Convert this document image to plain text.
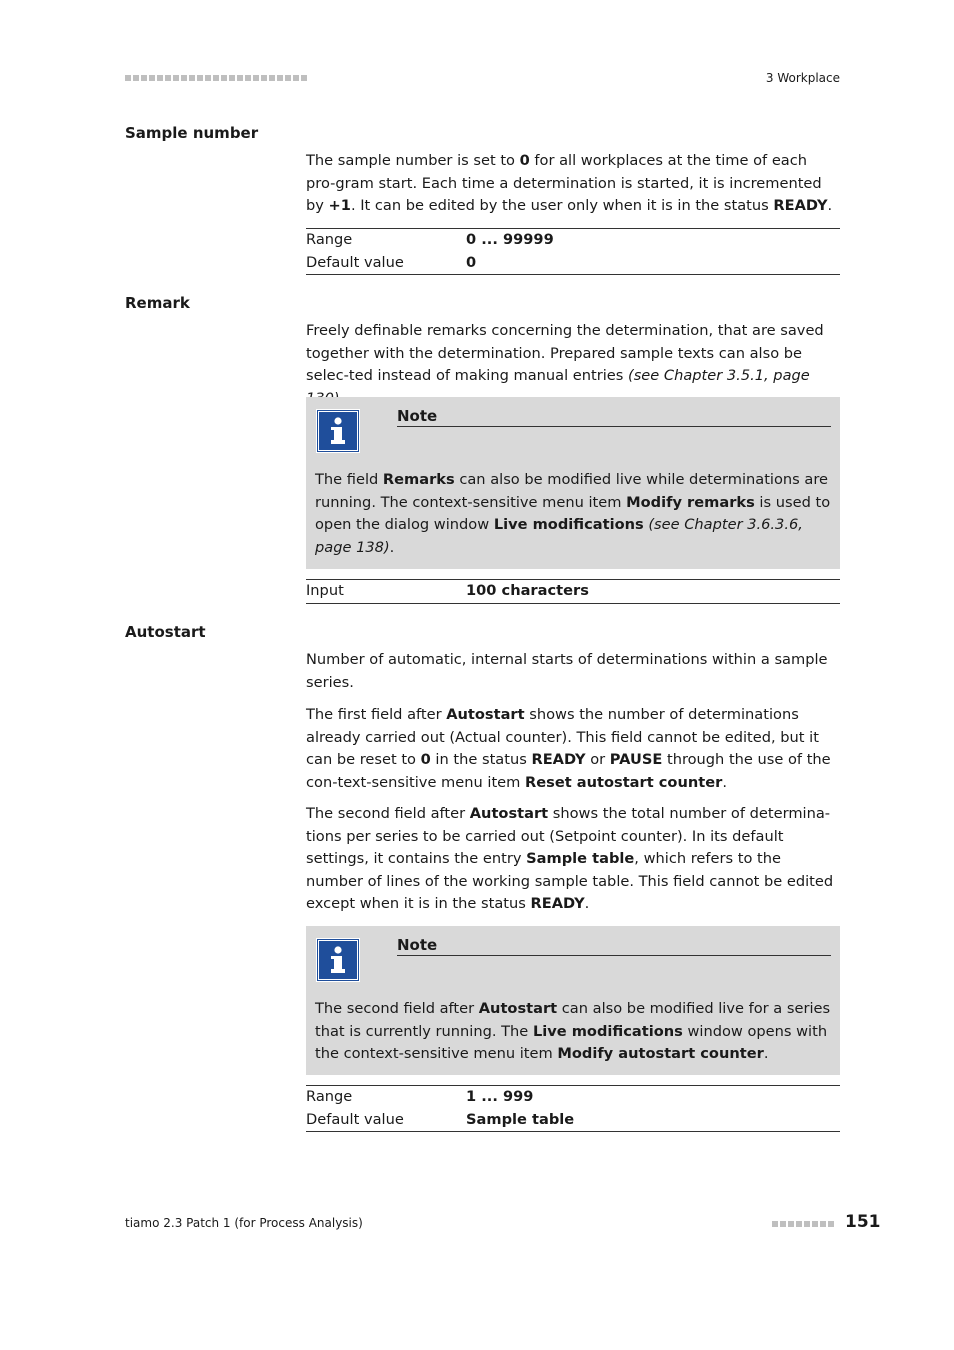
3 Workplace
Sample number

The sample number is set to 0 for all workplaces at the time of each pro-gram start. Each time a determination is started, it is incremented by +1. It can be edited by the user only when it is in the status READY.

Range	0 ... 99999
Default value	0
Remark

Freely definable remarks concerning the determination, that are saved together with the determination. Prepared sample texts can also be selec-ted instead of making manual entries (see Chapter 3.5.1, page

Note

The field Remarks can also be modified live while determinations are running. The context-sensitive menu item Modify remarks is used to open the dialog window Live modifications (see Chapter 3.6.3.6, page 138).

Input	100 characters
Autostart

Number of automatic, internal starts of determinations within a sample series.

The first field after Autostart shows the number of determinations already carried out (Actual counter). This field cannot be edited, but it can be reset to 0 in the status READY or PAUSE through the use of the con-text-sensitive menu item Reset autostart counter.

The second field after Autostart shows the total number of determina-tions per series to be carried out (Setpoint counter). In its default settings, it contains the entry Sample table, which refers to the number of lines of the working sample table. This field cannot be edited except when it is in the status READY.

Note

The second field after Autostart can also be modified live for a series that is currently running. The Live modifications window opens with the context-sensitive menu item Modify autostart counter.

Range	1 ... 999
Default value	Sample table
tiamo 2.3 Patch 1 (for Process Analysis)	151
